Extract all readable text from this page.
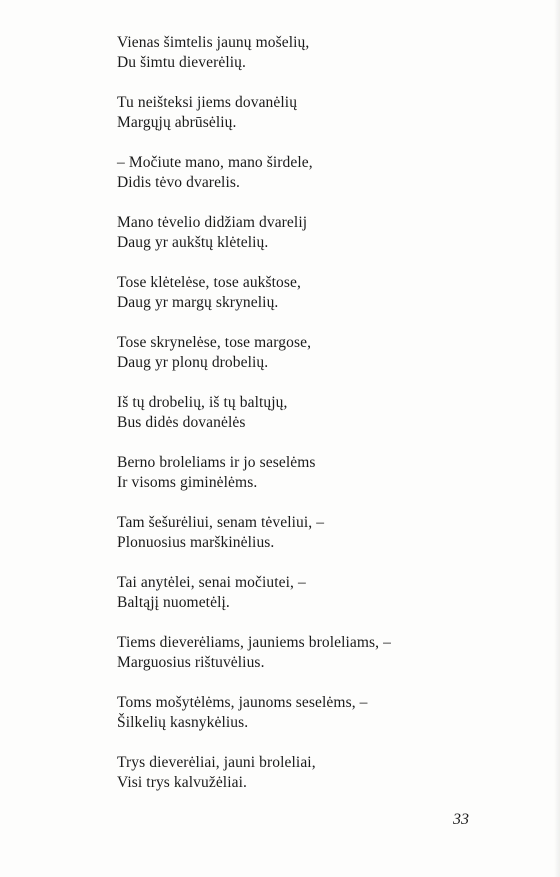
Vienas šimtelis jaunų mošelių,
Du šimtu dieverėlių.
Tu neišteksi jiems dovanėlių
Margųjų abrūsėlių.
– Močiute mano, mano širdele,
Didis tėvo dvarelis.
Mano tėvelio didžiam dvarelij
Daug yr aukštų klėtelių.
Tose klėtelėse, tose aukštose,
Daug yr margų skrynelių.
Tose skrynelėse, tose margose,
Daug yr plonų drobelių.
Iš tų drobelių, iš tų baltųjų,
Bus didės dovanėlės
Berno broleliams ir jo seselėms
Ir visoms giminėlėms.
Tam šešurėliui, senam tėveliui, –
Plonuosius marškinėlius.
Tai anytėlei, senai močiutei, –
Baltąjį nuometėlį.
Tiems dieverėliams, jauniems broleliams, –
Marguosius rištuvėlius.
Toms mošytėlėms, jaunoms seselėms, –
Šilkelių kasnykėlius.
Trys dieverėliai, jauni broleliai,
Visi trys kalvužėliai.
33
